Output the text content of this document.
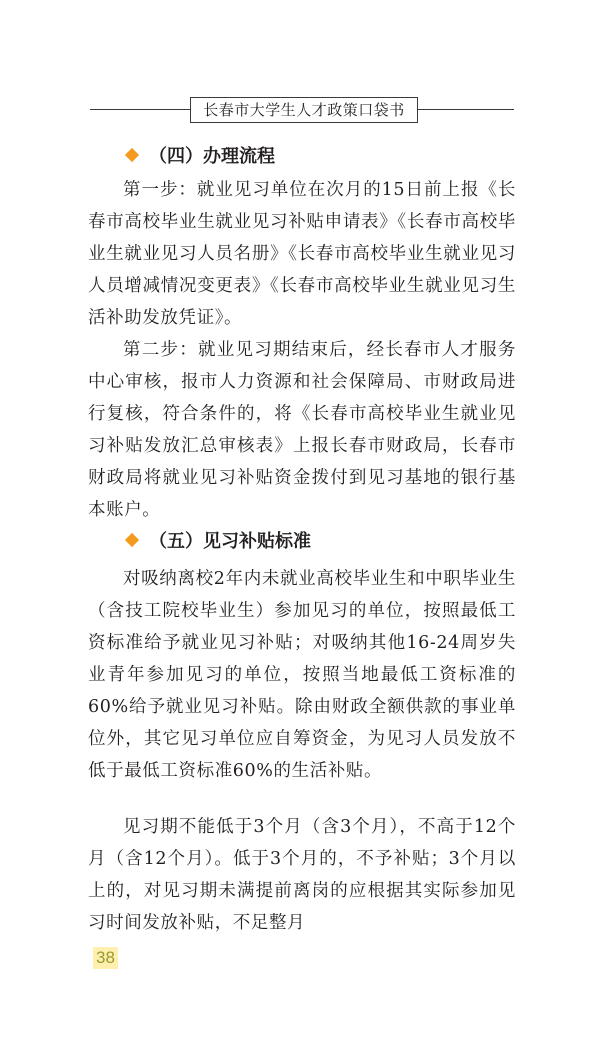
长春市大学生人才政策口袋书
（四）办理流程

第一步：就业见习单位在次月的15日前上报《长春市高校毕业生就业见习补贴申请表》《长春市高校毕业生就业见习人员名册》《长春市高校毕业生就业见习人员增减情况变更表》《长春市高校毕业生就业见习生活补助发放凭证》。

第二步：就业见习期结束后，经长春市人才服务中心审核，报市人力资源和社会保障局、市财政局进行复核，符合条件的，将《长春市高校毕业生就业见习补贴发放汇总审核表》上报长春市财政局，长春市财政局将就业见习补贴资金拨付到见习基地的银行基本账户。

（五）见习补贴标准

对吸纳离校2年内未就业高校毕业生和中职毕业生（含技工院校毕业生）参加见习的单位，按照最低工资标准给予就业见习补贴；对吸纳其他16-24周岁失业青年参加见习的单位，按照当地最低工资标准的60%给予就业见习补贴。除由财政全额供款的事业单位外，其它见习单位应自筹资金，为见习人员发放不低于最低工资标准60%的生活补贴。

见习期不能低于3个月（含3个月），不高于12个月（含12个月）。低于3个月的，不予补贴；3个月以上的，对见习期未满提前离岗的应根据其实际参加见习时间发放补贴，不足整月

38
